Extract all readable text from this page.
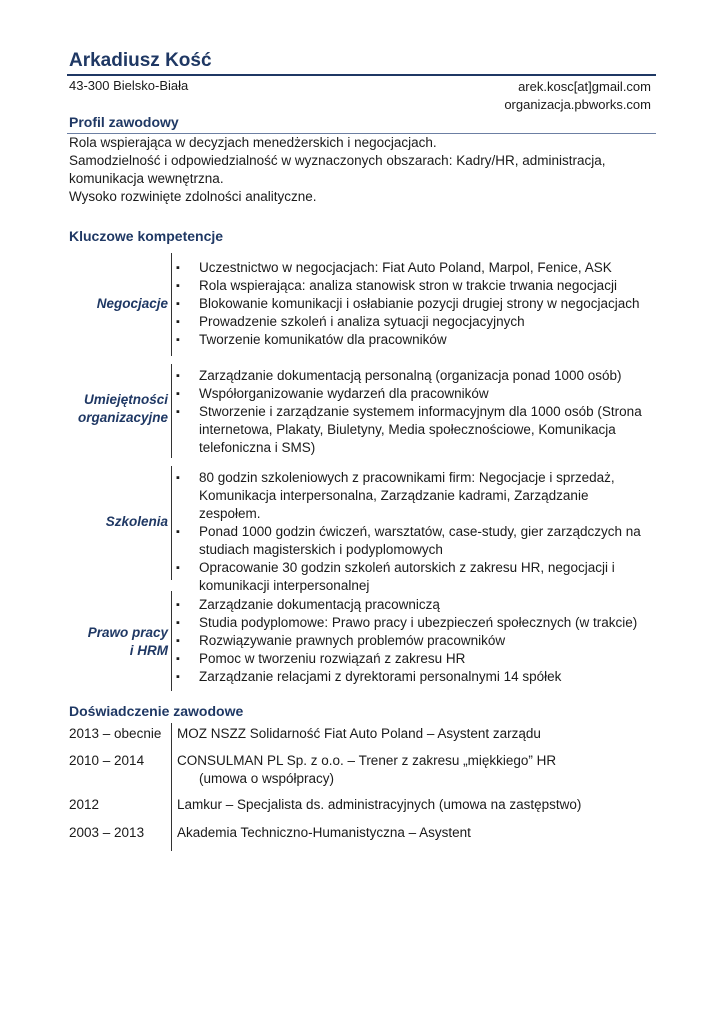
Arkadiusz Kość
43-300 Bielsko-Biała	arek.kosc[at]gmail.com
organizacja.pbworks.com
Profil zawodowy

Rola wspierająca w decyzjach menedżerskich i negocjacjach.

Samodzielność i odpowiedzialność w wyznaczonych obszarach: Kadry/HR, administracja, komunikacja wewnętrzna.

Wysoko rozwinięte zdolności analityczne.

Kluczowe kompetencje
Negocjacje
▪ Uczestnictwo w negocjacjach: Fiat Auto Poland, Marpol, Fenice, ASK
▪ Rola wspierająca: analiza stanowisk stron w trakcie trwania negocjacji
▪ Blokowanie komunikacji i osłabianie pozycji drugiej strony w negocjacjach
▪ Prowadzenie szkoleń i analiza sytuacji negocjacyjnych
▪ Tworzenie komunikatów dla pracowników
Umiejętności
organizacyjne
▪ Zarządzanie dokumentacją personalną (organizacja ponad 1000 osób)
▪ Współorganizowanie wydarzeń dla pracowników
▪ Stworzenie i zarządzanie systemem informacyjnym dla 1000 osób (Strona internetowa, Plakaty, Biuletyny, Media społecznościowe, Komunikacja telefoniczna i SMS)
Szkolenia
▪ 80 godzin szkoleniowych z pracownikami firm: Negocjacje i sprzedaż, Komunikacja interpersonalna, Zarządzanie kadrami, Zarządzanie zespołem.
▪ Ponad 1000 godzin ćwiczeń, warsztatów, case-study, gier zarządczych na studiach magisterskich i podyplomowych
▪ Opracowanie 30 godzin szkoleń autorskich z zakresu HR, negocjacji i komunikacji interpersonalnej
Prawo pracy
i HRM
▪ Zarządzanie dokumentacją pracowniczą
▪ Studia podyplomowe: Prawo pracy i ubezpieczeń społecznych (w trakcie)
▪ Rozwiązywanie prawnych problemów pracowników
▪ Pomoc w tworzeniu rozwiązań z zakresu HR
▪ Zarządzanie relacjami z dyrektorami personalnymi 14 spółek
Doświadczenie zawodowe
2013 – obecnie	MOZ NSZZ Solidarność Fiat Auto Poland – Asystent zarządu
2010 – 2014	CONSULMAN PL Sp. z o.o. – Trener z zakresu „miękkiego” HR
(umowa o współpracy)
2012	Lamkur – Specjalista ds. administracyjnych (umowa na zastępstwo)
2003 – 2013	Akademia Techniczno-Humanistyczna – Asystent
